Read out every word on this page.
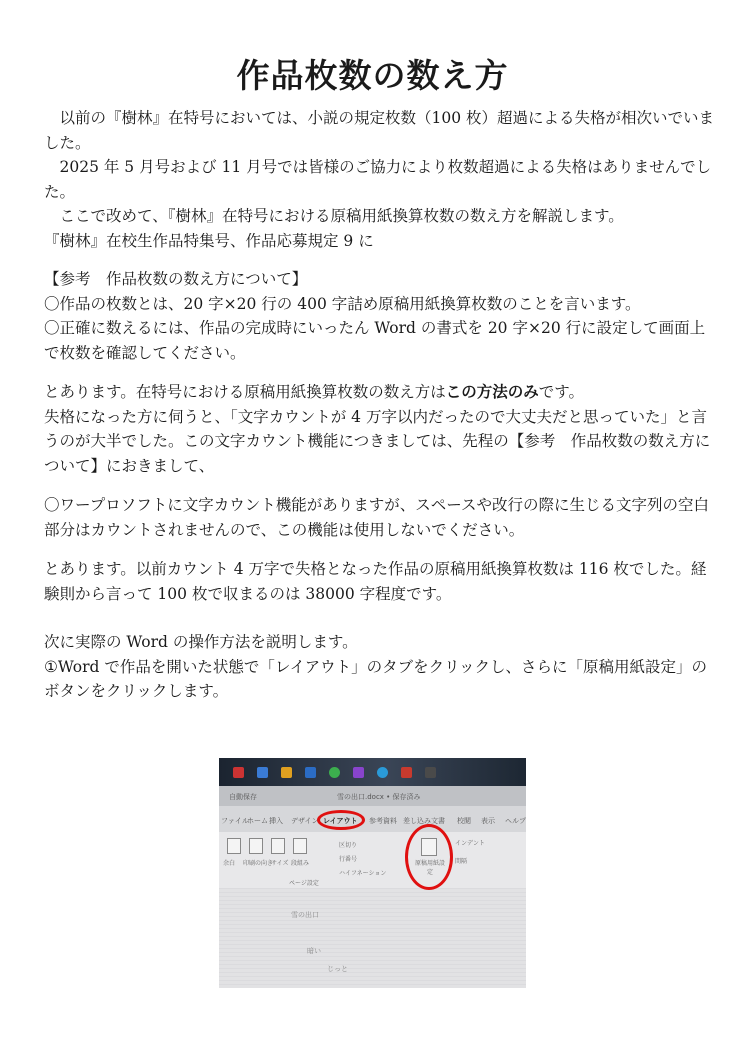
作品枚数の数え方

以前の『樹林』在特号においては、小説の規定枚数（100 枚）超過による失格が相次いでいました。

2025 年 5 月号および 11 月号では皆様のご協力により枚数超過による失格はありませんでした。

ここで改めて、『樹林』在特号における原稿用紙換算枚数の数え方を解説します。

『樹林』在校生作品特集号、作品応募規定 9 に

【参考　作品枚数の数え方について】

〇作品の枚数とは、20 字×20 行の 400 字詰め原稿用紙換算枚数のことを言います。

〇正確に数えるには、作品の完成時にいったん Word の書式を 20 字×20 行に設定して画面上で枚数を確認してください。

とあります。在特号における原稿用紙換算枚数の数え方はこの方法のみです。

失格になった方に伺うと、「文字カウントが 4 万字以内だったので大丈夫だと思っていた」と言うのが大半でした。この文字カウント機能につきましては、先程の【参考　作品枚数の数え方について】におきまして、

〇ワープロソフトに文字カウント機能がありますが、スペースや改行の際に生じる文字列の空白部分はカウントされませんので、この機能は使用しないでください。

とあります。以前カウント 4 万字で失格となった作品の原稿用紙換算枚数は 116 枚でした。経験則から言って 100 枚で収まるのは 38000 字程度です。

次に実際の Word の操作方法を説明します。

①Word で作品を開いた状態で「レイアウト」のタブをクリックし、さらに「原稿用紙設定」のボタンをクリックします。

自動保存	雪の出口.docx • 保存済み
ファイル
ホーム 挿入 デザイン レイアウト 参考資料 差し込み文書 校閲 表示 ヘルプ
余白 印刷の向き
サイズ 段組み
区切り
行番号
ハイフネーション
ページ設定
原稿用紙設定
インデント
間隔
雪の出口
暗い
じっと
